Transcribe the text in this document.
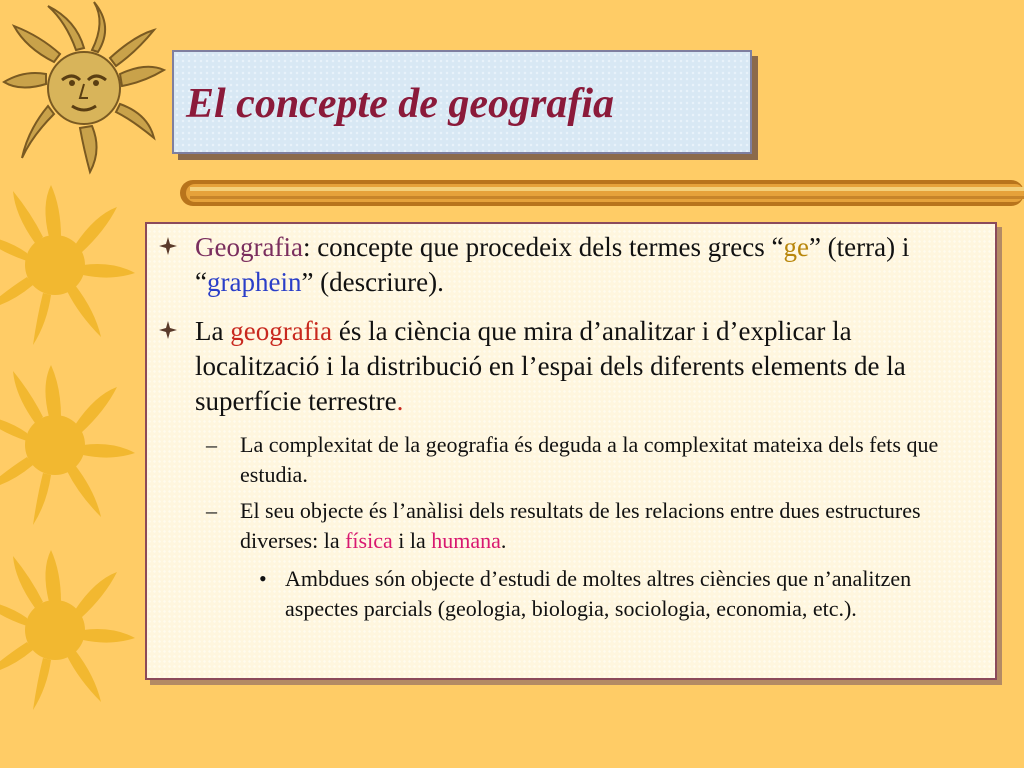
El concepte de geografia
Geografia: concepte que procedeix dels termes grecs “ge” (terra) i “graphein” (descriure).
La geografia és la ciència que mira d’analitzar i d’explicar la localització i la distribució en l’espai dels diferents elements de la superfície terrestre.
– La complexitat de la geografia és deguda a la complexitat mateixa dels fets que estudia.
– El seu objecte és l’anàlisi dels resultats de les relacions entre dues estructures diverses: la física i la humana.
• Ambdues són objecte d’estudi de moltes altres ciències que n’analitzen aspectes parcials (geologia, biologia, sociologia, economia, etc.).
